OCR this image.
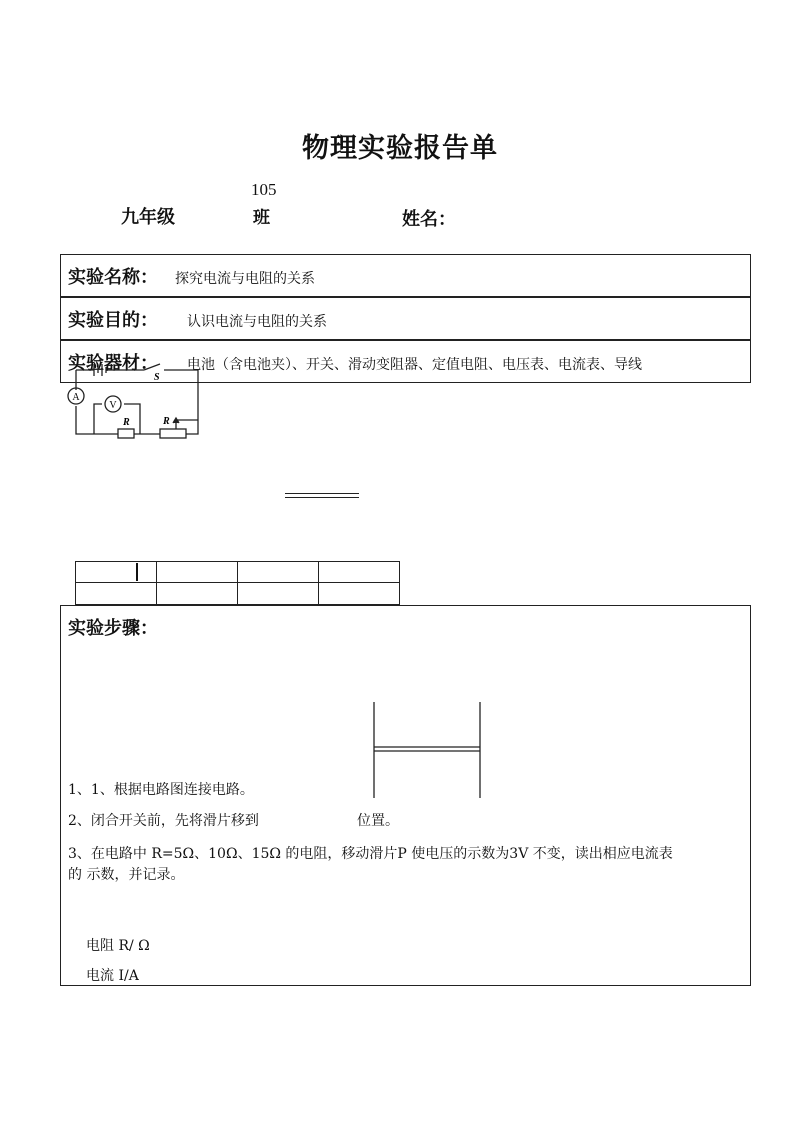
物理实验报告单
九年级
105
班	姓名：
实验名称： 探究电流与电阻的关系
实验目的： 认识电流与电阻的关系
实验器材： 电池（含电池夹）、开关、滑动变阻器、定值电阻、电压表、电流表、导线
A
V
R	R
S
实验步骤：
1、1、根据电路图连接电路。
2、闭合开关前，先将滑片移到	位置。
3、在电路中 R=5Ω、10Ω、15Ω 的电阻，移动滑片P 使电压的示数为3V 不变，读出相应电流表
的 示数，并记录。
电阻 R/ Ω
电流 I/A
